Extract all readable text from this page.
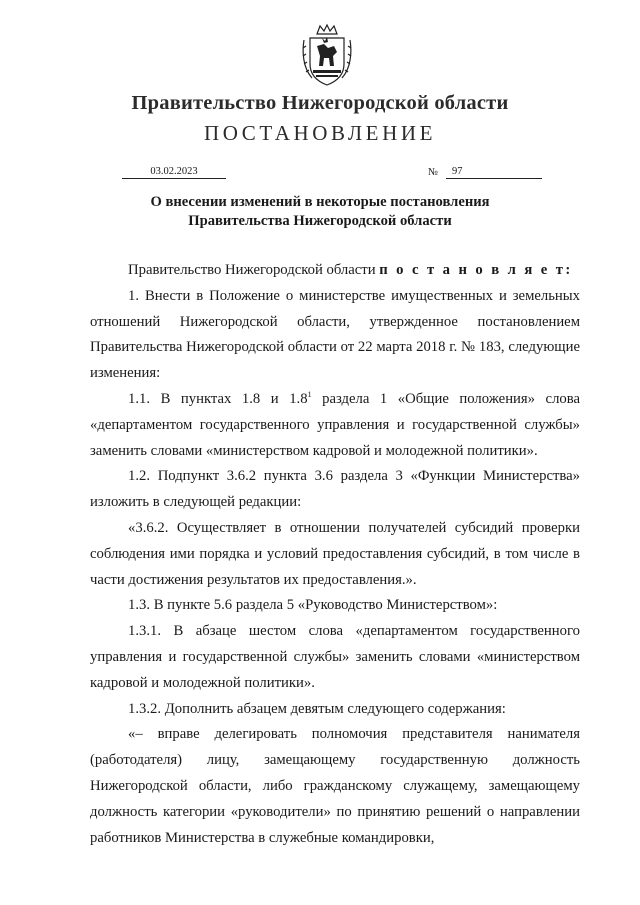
Правительство Нижегородской области
ПОСТАНОВЛЕНИЕ
03.02.2023	№	97
О внесении изменений в некоторые постановления
Правительства Нижегородской области

Правительство Нижегородской области п о с т а н о в л я е т:

1. Внести в Положение о министерстве имущественных и земельных отношений Нижегородской области, утвержденное постановлением Правительства Нижегородской области от 22 марта 2018 г. № 183, следующие изменения:

1.1. В пунктах 1.8 и $1.8^1$ раздела 1 «Общие положения» слова «департаментом государственного управления и государственной службы» заменить словами «министерством кадровой и молодежной политики».

1.2. Подпункт 3.6.2 пункта 3.6 раздела 3 «Функции Министерства» изложить в следующей редакции:

«3.6.2. Осуществляет в отношении получателей субсидий проверки соблюдения ими порядка и условий предоставления субсидий, в том числе в части достижения результатов их предоставления.».

1.3. В пункте 5.6 раздела 5 «Руководство Министерством»:

1.3.1. В абзаце шестом слова «департаментом государственного управления и государственной службы» заменить словами «министерством кадровой и молодежной политики».

1.3.2. Дополнить абзацем девятым следующего содержания:

«– вправе делегировать полномочия представителя нанимателя (работодателя) лицу, замещающему государственную должность Нижегородской области, либо гражданскому служащему, замещающему должность категории «руководители» по принятию решений о направлении работников Министерства в служебные командировки,
